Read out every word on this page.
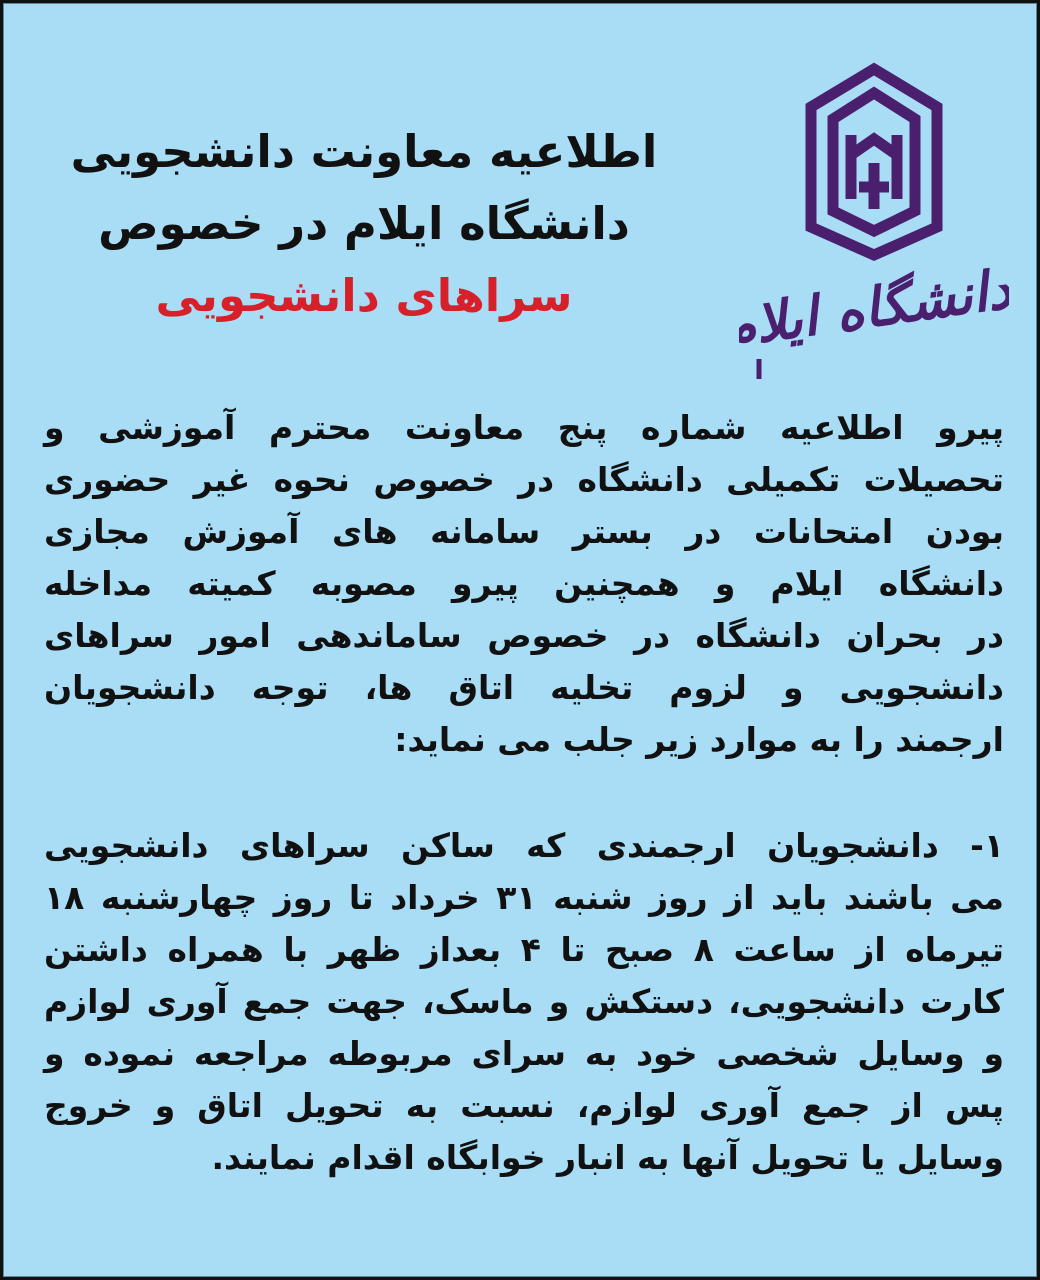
دانشگاه ایلام
اطلاعیه معاونت دانشجویی
دانشگاه ایلام در خصوص
سراهای دانشجویی
پیرو اطلاعیه شماره پنج معاونت محترم آموزشی و
تحصیلات تکمیلی دانشگاه در خصوص نحوه غیر حضوری
بودن امتحانات در بستر سامانه های آموزش مجازی
دانشگاه ایلام و همچنین پیرو مصوبه کمیته مداخله
در بحران دانشگاه در خصوص ساماندهی امور سراهای
دانشجویی و لزوم تخلیه اتاق ها، توجه دانشجویان
ارجمند را به موارد زیر جلب می نماید:
۱- دانشجویان ارجمندی که ساکن سراهای دانشجویی
می باشند باید از روز شنبه ۳۱ خرداد تا روز چهارشنبه ۱۸
تیرماه از ساعت ۸ صبح تا ۴ بعداز ظهر با همراه داشتن
کارت دانشجویی، دستکش و ماسک، جهت جمع آوری لوازم
و وسایل شخصی خود به سرای مربوطه مراجعه نموده و
پس از جمع آوری لوازم، نسبت به تحویل اتاق و خروج
وسایل یا تحویل آنها به انبار خوابگاه اقدام نمایند.
